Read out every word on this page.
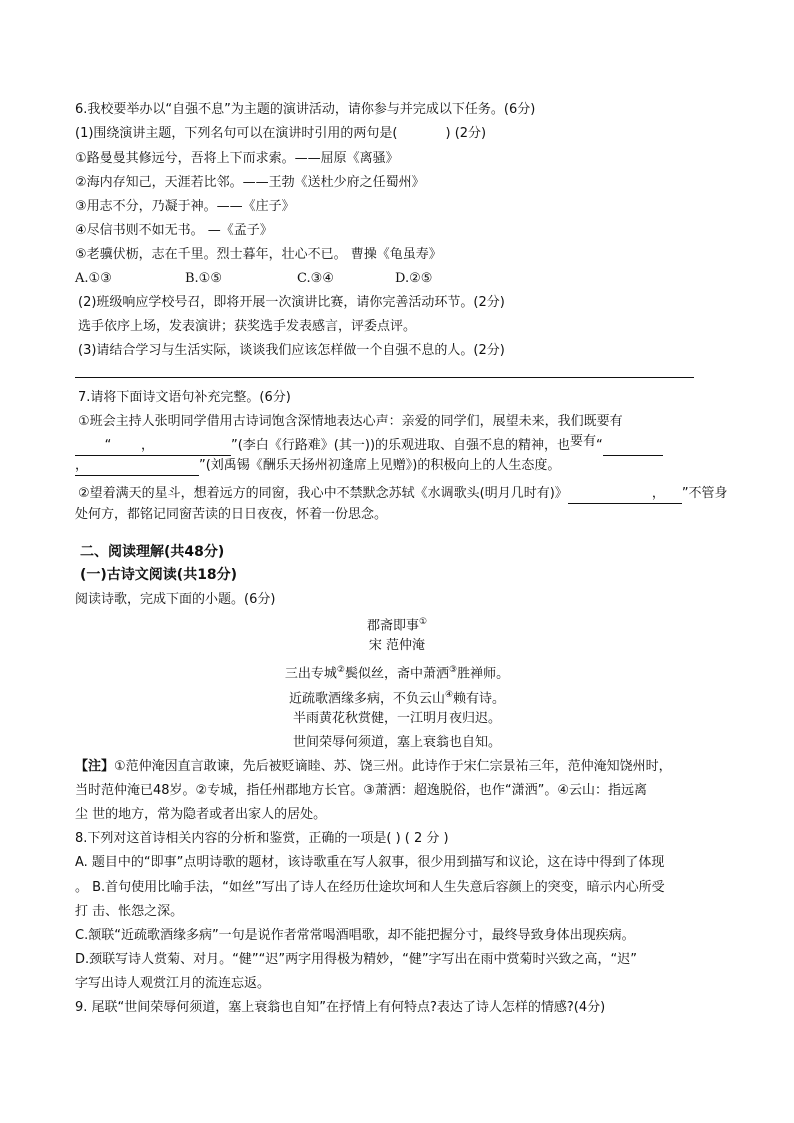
6.我校要举办以“自强不息”为主题的演讲活动，请你参与并完成以下任务。(6分)
(1)围绕演讲主题，下列名句可以在演讲时引用的两句是(	) (2分)
①路曼曼其修远兮，吾将上下而求索。——屈原《离骚》
②海内存知己，天涯若比邻。——王勃《送杜少府之任蜀州》
③用志不分，乃凝于神。——《庄子》
④尽信书则不如无书。 —《孟子》
⑤老骥伏枥，志在千里。烈士暮年，壮心不已。 曹操《龟虽寿》
A.①③	B.①⑤	C.③④	D.②⑤
(2)班级响应学校号召，即将开展一次演讲比赛，请你完善活动环节。(2分)
选手依序上场，发表演讲；获奖选手发表感言，评委点评。
(3)请结合学习与生活实际，谈谈我们应该怎样做一个自强不息的人。(2分)
7.请将下面诗文语句补充完整。(6分)
①班会主持人张明同学借用古诗词饱含深情地表达心声：亲爱的同学们，展望未来，我们既要有
“ ，	”(李白《行路难》(其一))的乐观进取、自强不息的精神，也要有“
，	”(刘禹锡《酬乐天扬州初逢席上见赠》)的积极向上的人生态度。
②望着满天的星斗，想着远方的同窗，我心中不禁默念苏轼《水调歌头(明月几时有)》	， ”不管身
处何方，都铭记同窗苦读的日日夜夜，怀着一份思念。
二、阅读理解(共48分)
(一)古诗文阅读(共18分)
阅读诗歌，完成下面的小题。(6分)
郡斋即事①
宋 范仲淹
三出专城②鬓似丝，斋中萧洒③胜禅师。
近疏歌酒缘多病，不负云山④赖有诗。
半雨黄花秋赏健，一江明月夜归迟。
世间荣辱何须道，塞上衰翁也自知。
【注】①范仲淹因直言敢谏，先后被贬谪睦、苏、饶三州。此诗作于宋仁宗景祐三年，范仲淹知饶州时，
当时范仲淹已48岁。②专城，指任州郡地方长官。③萧洒：超逸脱俗，也作“潇洒”。④云山：指远离
尘 世的地方，常为隐者或者出家人的居处。
8.下列对这首诗相关内容的分析和鉴赏，正确的一项是( ) ( 2 分 )
A. 题目中的“即事”点明诗歌的题材，该诗歌重在写人叙事，很少用到描写和议论，这在诗中得到了体现
。 B.首句使用比喻手法，“如丝”写出了诗人在经历仕途坎坷和人生失意后容颜上的突变，暗示内心所受
打 击、怅怨之深。
C.颔联“近疏歌酒缘多病”一句是说作者常常喝酒唱歌，却不能把握分寸，最终导致身体出现疾病。
D.颈联写诗人赏菊、对月。“健”“迟”两字用得极为精妙，“健”字写出在雨中赏菊时兴致之高，“迟”
字写出诗人观赏江月的流连忘返。
9. 尾联“世间荣辱何须道，塞上衰翁也自知”在抒情上有何特点?表达了诗人怎样的情感?(4分)
